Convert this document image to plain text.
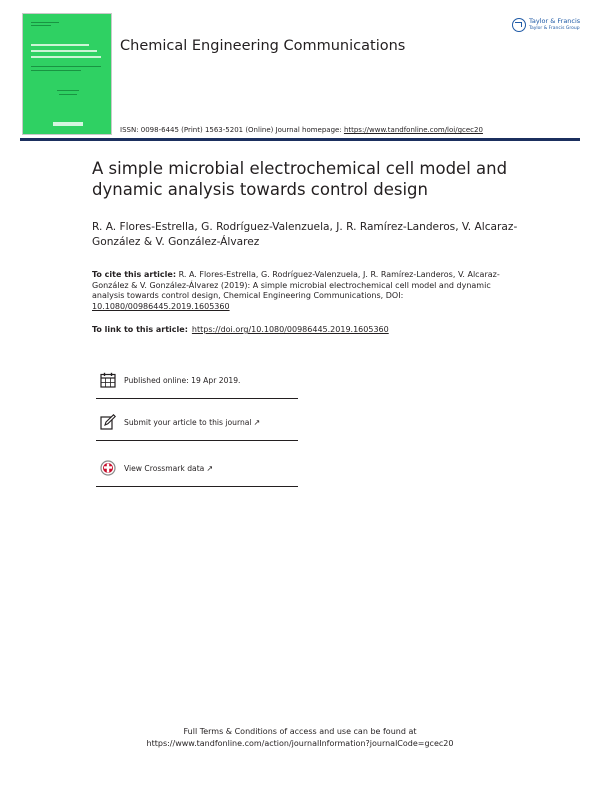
Chemical Engineering Communications
Taylor & Francis
Taylor & Francis Group
ISSN: 0098-6445 (Print) 1563-5201 (Online) Journal homepage: https://www.tandfonline.com/loi/gcec20
A simple microbial electrochemical cell model and dynamic analysis towards control design
R. A. Flores-Estrella, G. Rodríguez-Valenzuela, J. R. Ramírez-Landeros, V. Alcaraz-González & V. González-Álvarez
To cite this article: R. A. Flores-Estrella, G. Rodríguez-Valenzuela, J. R. Ramírez-Landeros, V. Alcaraz-González & V. González-Álvarez (2019): A simple microbial electrochemical cell model and dynamic analysis towards control design, Chemical Engineering Communications, DOI: 10.1080/00986445.2019.1605360
To link to this article: https://doi.org/10.1080/00986445.2019.1605360
Published online: 19 Apr 2019.
Submit your article to this journal ↗
View Crossmark data ↗
Full Terms & Conditions of access and use can be found at
https://www.tandfonline.com/action/journalInformation?journalCode=gcec20
